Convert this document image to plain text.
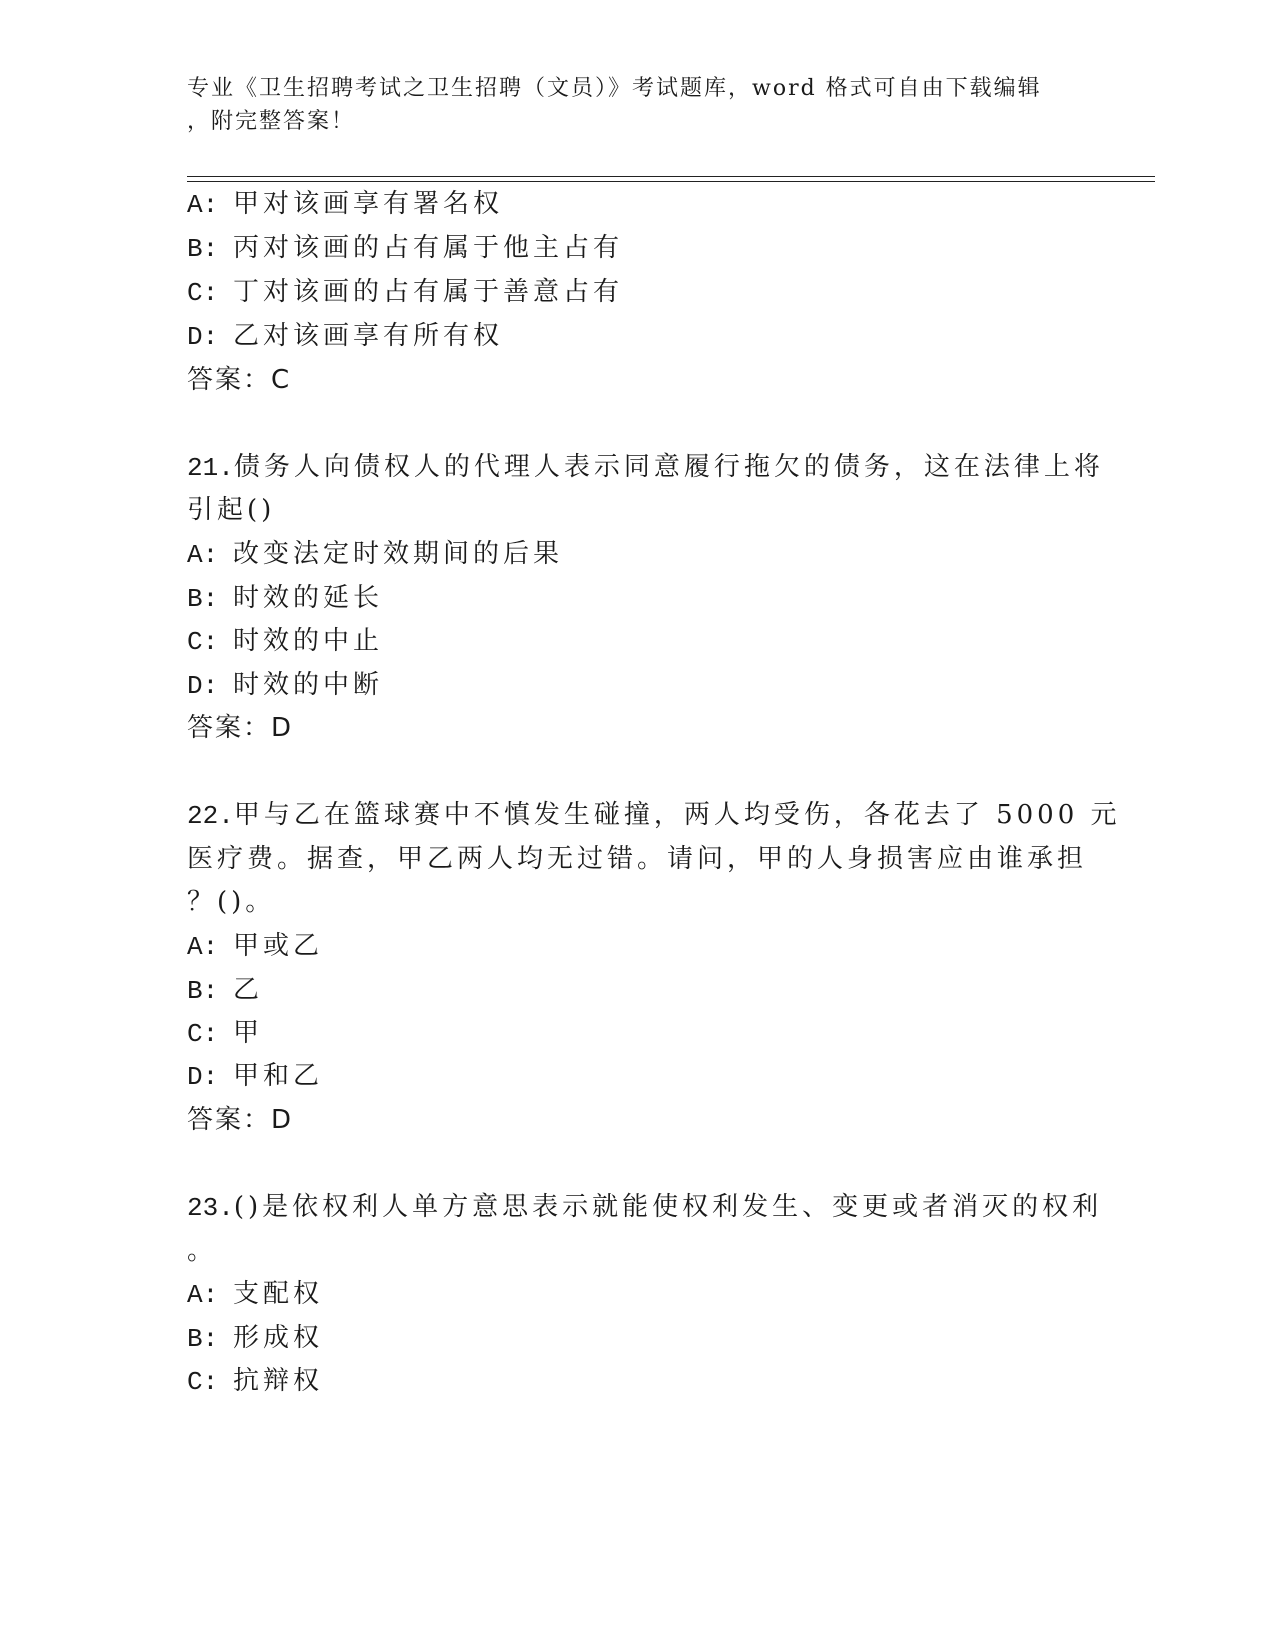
专业《卫生招聘考试之卫生招聘（文员）》考试题库，word 格式可自由下载编辑
，附完整答案！
A: 甲对该画享有署名权
B: 丙对该画的占有属于他主占有
C: 丁对该画的占有属于善意占有
D: 乙对该画享有所有权
答案：C
21.债务人向债权人的代理人表示同意履行拖欠的债务，这在法律上将
引起()
A: 改变法定时效期间的后果
B: 时效的延长
C: 时效的中止
D: 时效的中断
答案：D
22.甲与乙在篮球赛中不慎发生碰撞，两人均受伤，各花去了 5000 元
医疗费。据查，甲乙两人均无过错。请问，甲的人身损害应由谁承担
？()。
A: 甲或乙
B: 乙
C: 甲
D: 甲和乙
答案：D
23.()是依权利人单方意思表示就能使权利发生、变更或者消灭的权利
。
A: 支配权
B: 形成权
C: 抗辩权
